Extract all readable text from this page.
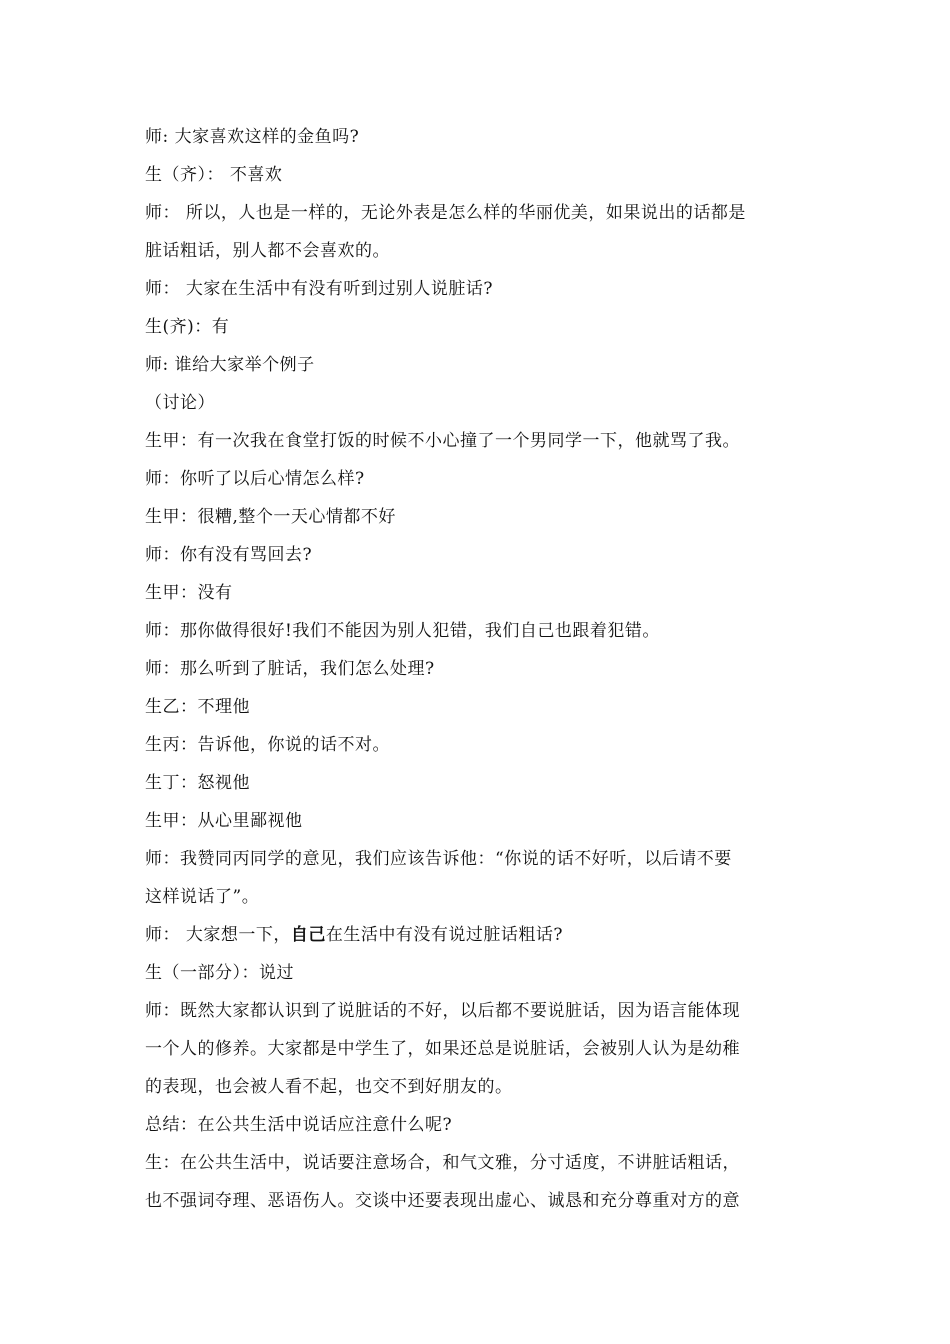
师: 大家喜欢这样的金鱼吗?

生（齐）： 不喜欢

师： 所以，人也是一样的，无论外表是怎么样的华丽优美，如果说出的话都是

脏话粗话，别人都不会喜欢的。

师： 大家在生活中有没有听到过别人说脏话?

生(齐)：有

师: 谁给大家举个例子

（讨论）

生甲：有一次我在食堂打饭的时候不小心撞了一个男同学一下，他就骂了我。

师：你听了以后心情怎么样?

生甲：很糟,整个一天心情都不好

师：你有没有骂回去?

生甲：没有

师：那你做得很好!我们不能因为别人犯错，我们自己也跟着犯错。

师：那么听到了脏话，我们怎么处理?

生乙：不理他

生丙：告诉他，你说的话不对。

生丁：怒视他

生甲：从心里鄙视他

师：我赞同丙同学的意见，我们应该告诉他：“你说的话不好听，以后请不要

这样说话了”。

师： 大家想一下，自己在生活中有没有说过脏话粗话?

生（一部分）：说过

师：既然大家都认识到了说脏话的不好，以后都不要说脏话，因为语言能体现

一个人的修养。大家都是中学生了，如果还总是说脏话，会被别人认为是幼稚

的表现，也会被人看不起，也交不到好朋友的。

总结：在公共生活中说话应注意什么呢?

生：在公共生活中，说话要注意场合，和气文雅，分寸适度，不讲脏话粗话，

也不强词夺理、恶语伤人。交谈中还要表现出虚心、诚恳和充分尊重对方的意
